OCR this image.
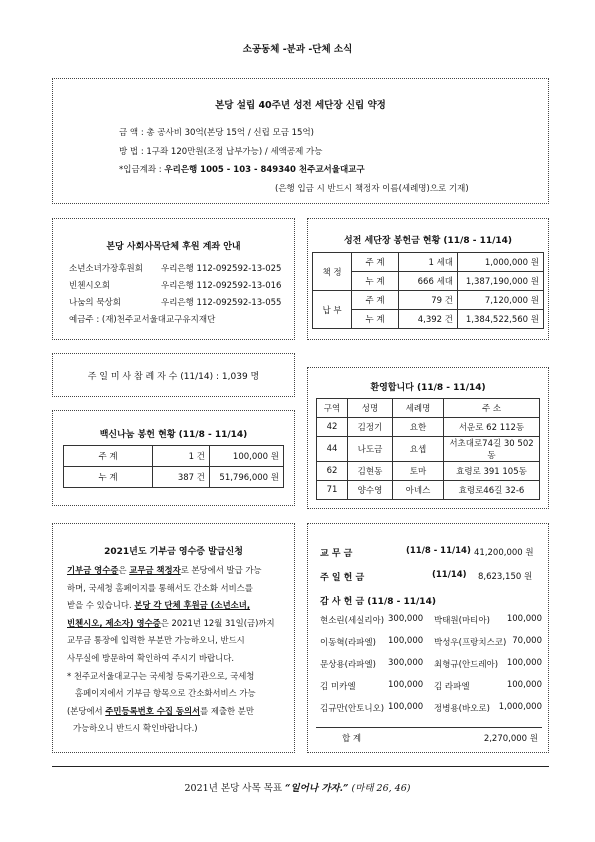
소공동체 -분과 -단체 소식
본당 설립 40주년 성전 세단장 신립 약정
금 액 : 총 공사비 30억(본당 15억 / 신립 모금 15억)
방 법 : 1구좌 120만원(조정 납부가능) / 세액공제 가능
*입금계좌 : 우리은행 1005 - 103 - 849340 천주교서울대교구
(은행 입금 시 반드시 책정자 이름(세례명)으로 기재)
본당 사회사목단체 후원 계좌 안내
소년소녀가장후원회 우리은행 112-092592-13-025
빈첸시오회	우리은행 112-092592-13-016
나눔의 묵상회	우리은행 112-092592-13-055
예금주 : (재)천주교서울대교구유지재단
성전 세단장 봉헌금 현황 (11/8 - 11/14)
책 정	주 계	1 세대	1,000,000 원
	누 계	666 세대	1,387,190,000 원
납 부	주 계	79 건	7,120,000 원
	누 계	4,392 건	1,384,522,560 원
주 일 미 사 참 례 자 수 (11/14) : 1,039 명
환영합니다 (11/8 - 11/14)
구역	성명	세례명	주 소
42	김정기	요한	서운로 62 112동
44	나도금	요셉	서초대로74길 30 502동
62	김현동	토마	효령로 391 105동
71	양수영	아네스	효령로46길 32-6
백신나눔 봉헌 현황 (11/8 - 11/14)
주 계	1 건	100,000 원
누 계	387 건	51,796,000 원
2021년도 기부금 영수증 발급신청
기부금 영수증은 교무금 책정자로 본당에서 발급 가능
하며, 국세청 홈페이지를 통해서도 간소화 서비스를
받을 수 있습니다. 본당 각 단체 후원금 (소년소녀,
빈첸시오, 제소자) 영수증은 2021년 12월 31일(금)까지
교무금 통장에 입력한 부분만 가능하오니, 반드시
사무실에 방문하여 확인하여 주시기 바랍니다.
* 천주교서울대교구는 국세청 등록기관으로, 국세청
홈페이지에서 기부금 항목으로 간소화서비스 가능
(본당에서 주민등록번호 수집 동의서를 제출한 분만
가능하오니 반드시 확인바랍니다.)
교 무 금	(11/8 - 11/14) 41,200,000 원
주 일 헌 금	(11/14) 8,623,150 원
감 사 헌 금 (11/8 - 11/14)
현소린(세실리아) 300,000 박태원(마티아) 100,000
이동혁(라파엘) 100,000 박성우(프랑치스코) 70,000
문상용(라파엘) 300,000 최형규(안드레아) 100,000
김 미카엘	100,000 김 라파엘	100,000
김규만(안토니오) 100,000 정병용(바오로) 1,000,000
합 계	2,270,000 원
2021년 본당 사목 목표 “일어나 가자.” (마태 26, 46)
